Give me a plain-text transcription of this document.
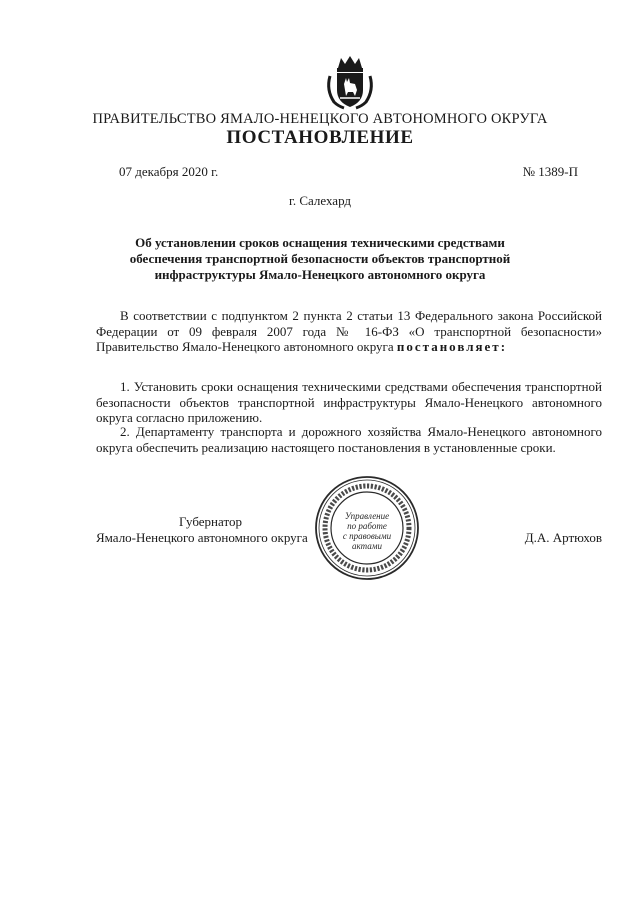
ПРАВИТЕЛЬСТВО ЯМАЛО-НЕНЕЦКОГО АВТОНОМНОГО ОКРУГА
ПОСТАНОВЛЕНИЕ
07 декабря 2020 г.	№ 1389-П
г. Салехард
Об установлении сроков оснащения техническими средствами обеспечения транспортной безопасности объектов транспортной инфраструктуры Ямало-Ненецкого автономного округа
В соответствии с подпунктом 2 пункта 2 статьи 13 Федерального закона Российской Федерации от 09 февраля 2007 года № 16-ФЗ «О транспортной безопасности» Правительство Ямало-Ненецкого автономного округа постановляет:
1. Установить сроки оснащения техническими средствами обеспечения транспортной безопасности объектов транспортной инфраструктуры Ямало-Ненецкого автономного округа согласно приложению.
2. Департаменту транспорта и дорожного хозяйства Ямало-Ненецкого автономного округа обеспечить реализацию настоящего постановления в установленные сроки.
Губернатор
Ямало-Ненецкого автономного округа	Д.А. Артюхов
Управление
по работе
с правовыми
актами
